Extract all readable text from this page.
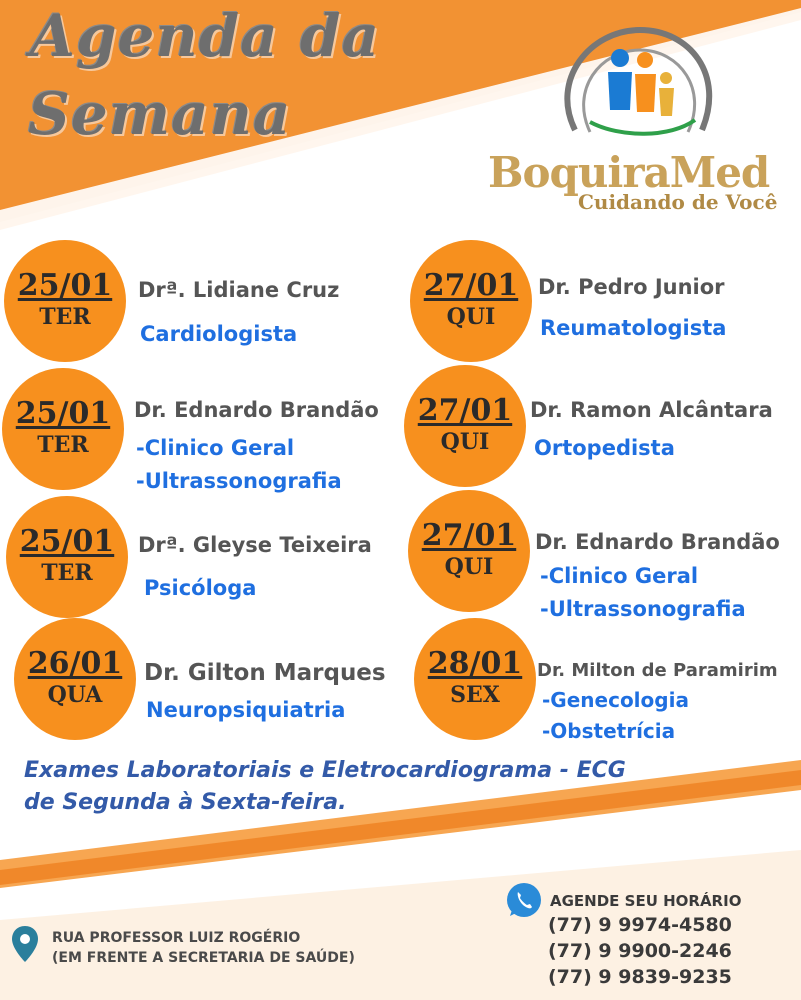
Agenda da
Semana
BoquiraMed
Cuidando de Você
25/01
TER
Drª. Lidiane Cruz
Cardiologista
27/01
QUI
Dr. Pedro Junior
Reumatologista
25/01
TER
Dr. Ednardo Brandão
-Clinico Geral
-Ultrassonografia
27/01
QUI
Dr. Ramon Alcântara
Ortopedista
25/01
TER
Drª. Gleyse Teixeira
Psicóloga
27/01
QUI
Dr. Ednardo Brandão
-Clinico Geral
-Ultrassonografia
26/01
QUA
Dr. Gilton Marques
Neuropsiquiatria
28/01
SEX
Dr. Milton de Paramirim
-Genecologia
-Obstetrícia
Exames Laboratoriais e Eletrocardiograma - ECG
de Segunda à Sexta-feira.
RUA PROFESSOR LUIZ ROGÉRIO
(EM FRENTE A SECRETARIA DE SAÚDE)
AGENDE SEU HORÁRIO
(77) 9 9974-4580
(77) 9 9900-2246
(77) 9 9839-9235
